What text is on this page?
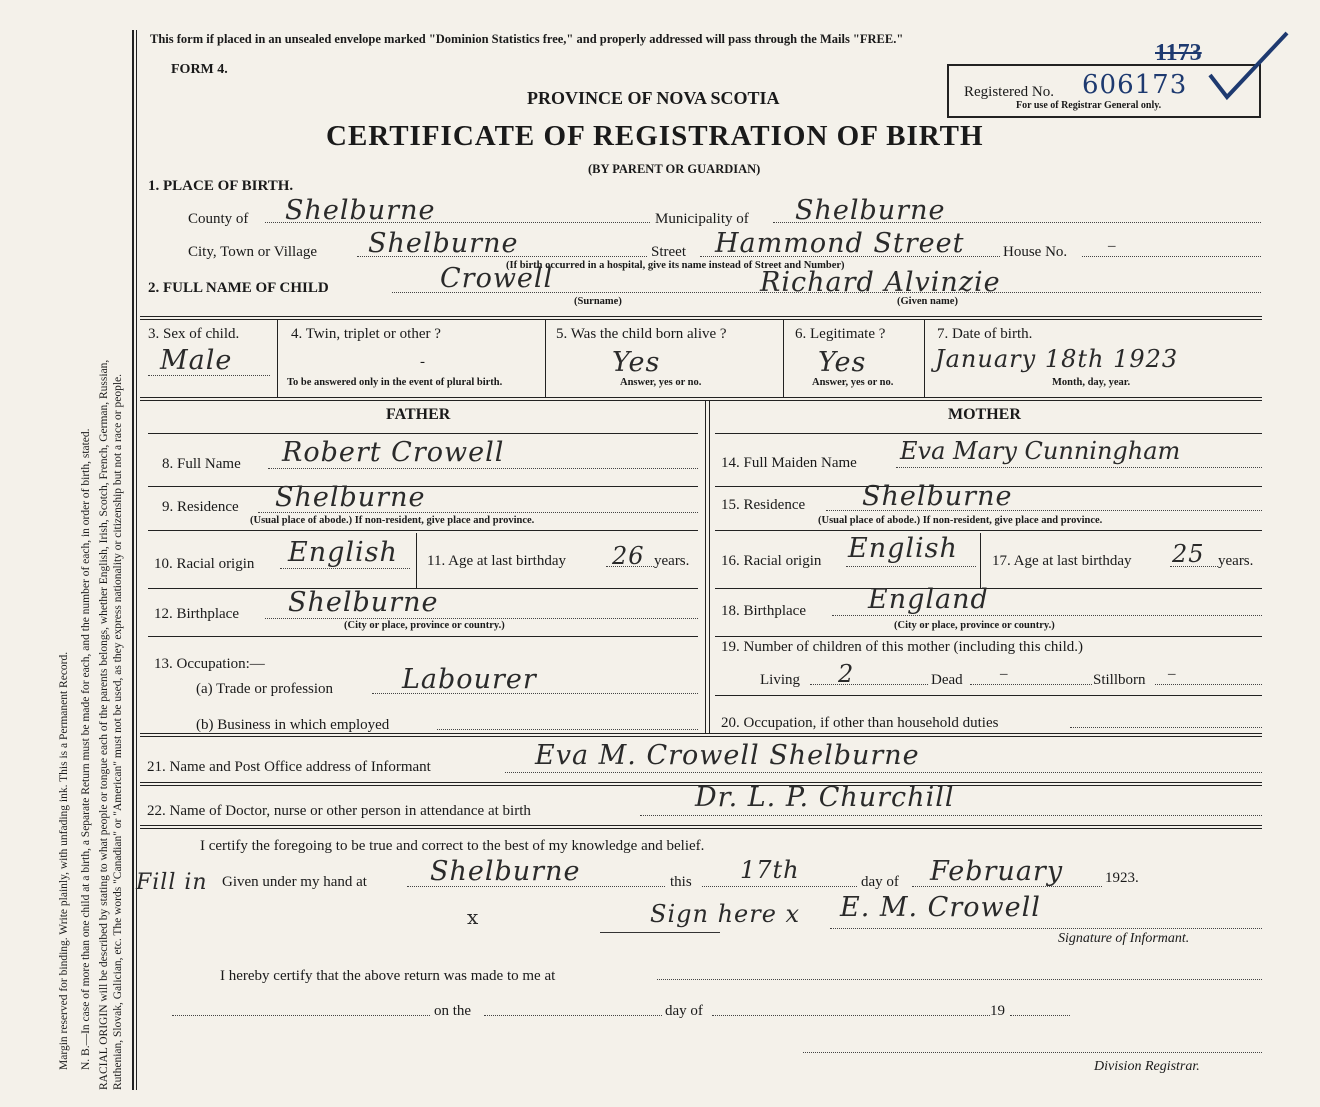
Margin reserved for binding. Write plainly, with unfading ink. This is a Permanent Record. N. B.—In case of more than one child at a birth, a Separate Return must be made for each, and the number of each, in order of birth, stated. RACIAL ORIGIN will be described by stating to what people or tongue each of the parents belongs, whether English, Irish, Scotch, French, German, Russian, Ruthenian, Slovak, Galician, etc. The words "Canadian" or "American" must not be used, as they express nationality or citizenship but not a race or people.
This form if placed in an unsealed envelope marked "Dominion Statistics free," and properly addressed will pass through the Mails "FREE."
FORM 4.
PROVINCE OF NOVA SCOTIA
CERTIFICATE OF REGISTRATION OF BIRTH
(BY PARENT OR GUARDIAN)
Registered No. 606173
For use of Registrar General only.
1173
1. PLACE OF BIRTH.
County of Shelburne	Municipality of Shelburne
City, Town or Village Shelburne	Street Hammond Street	House No.	–
(If birth occurred in a hospital, give its name instead of Street and Number)
2. FULL NAME OF CHILD	Crowell	Richard Alvinzie
(Surname)	(Given name)
3. Sex of child.
Male
4. Twin, triplet or other ?
-
To be answered only in the event of plural birth.
5. Was the child born alive ?
Yes
Answer, yes or no.
6. Legitimate ?
Yes
Answer, yes or no.
7. Date of birth.
January 18th 1923
Month, day, year.
FATHER	MOTHER
8. Full Name Robert Crowell
9. Residence Shelburne
(Usual place of abode.) If non-resident, give place and province.
10. Racial origin English 11. Age at last birthday 26 years.
12. Birthplace Shelburne
(City or place, province or country.)
13. Occupation:—
(a) Trade or profession	Labourer
(b) Business in which employed
14. Full Maiden Name Eva Mary Cunningham
15. Residence Shelburne
(Usual place of abode.) If non-resident, give place and province.
16. Racial origin English 17. Age at last birthday 25 years.
18. Birthplace England
(City or place, province or country.)
19. Number of children of this mother (including this child.)
Living 2	Dead –	Stillborn –
20. Occupation, if other than household duties
21. Name and Post Office address of Informant	Eva M. Crowell Shelburne
22. Name of Doctor, nurse or other person in attendance at birth	Dr. L. P. Churchill
I certify the foregoing to be true and correct to the best of my knowledge and belief.
Fill in Given under my hand at Shelburne	this 17th	day of February	1923.
x	Sign here x E. M. Crowell
Signature of Informant.
I hereby certify that the above return was made to me at
on the	day of	19
Division Registrar.
